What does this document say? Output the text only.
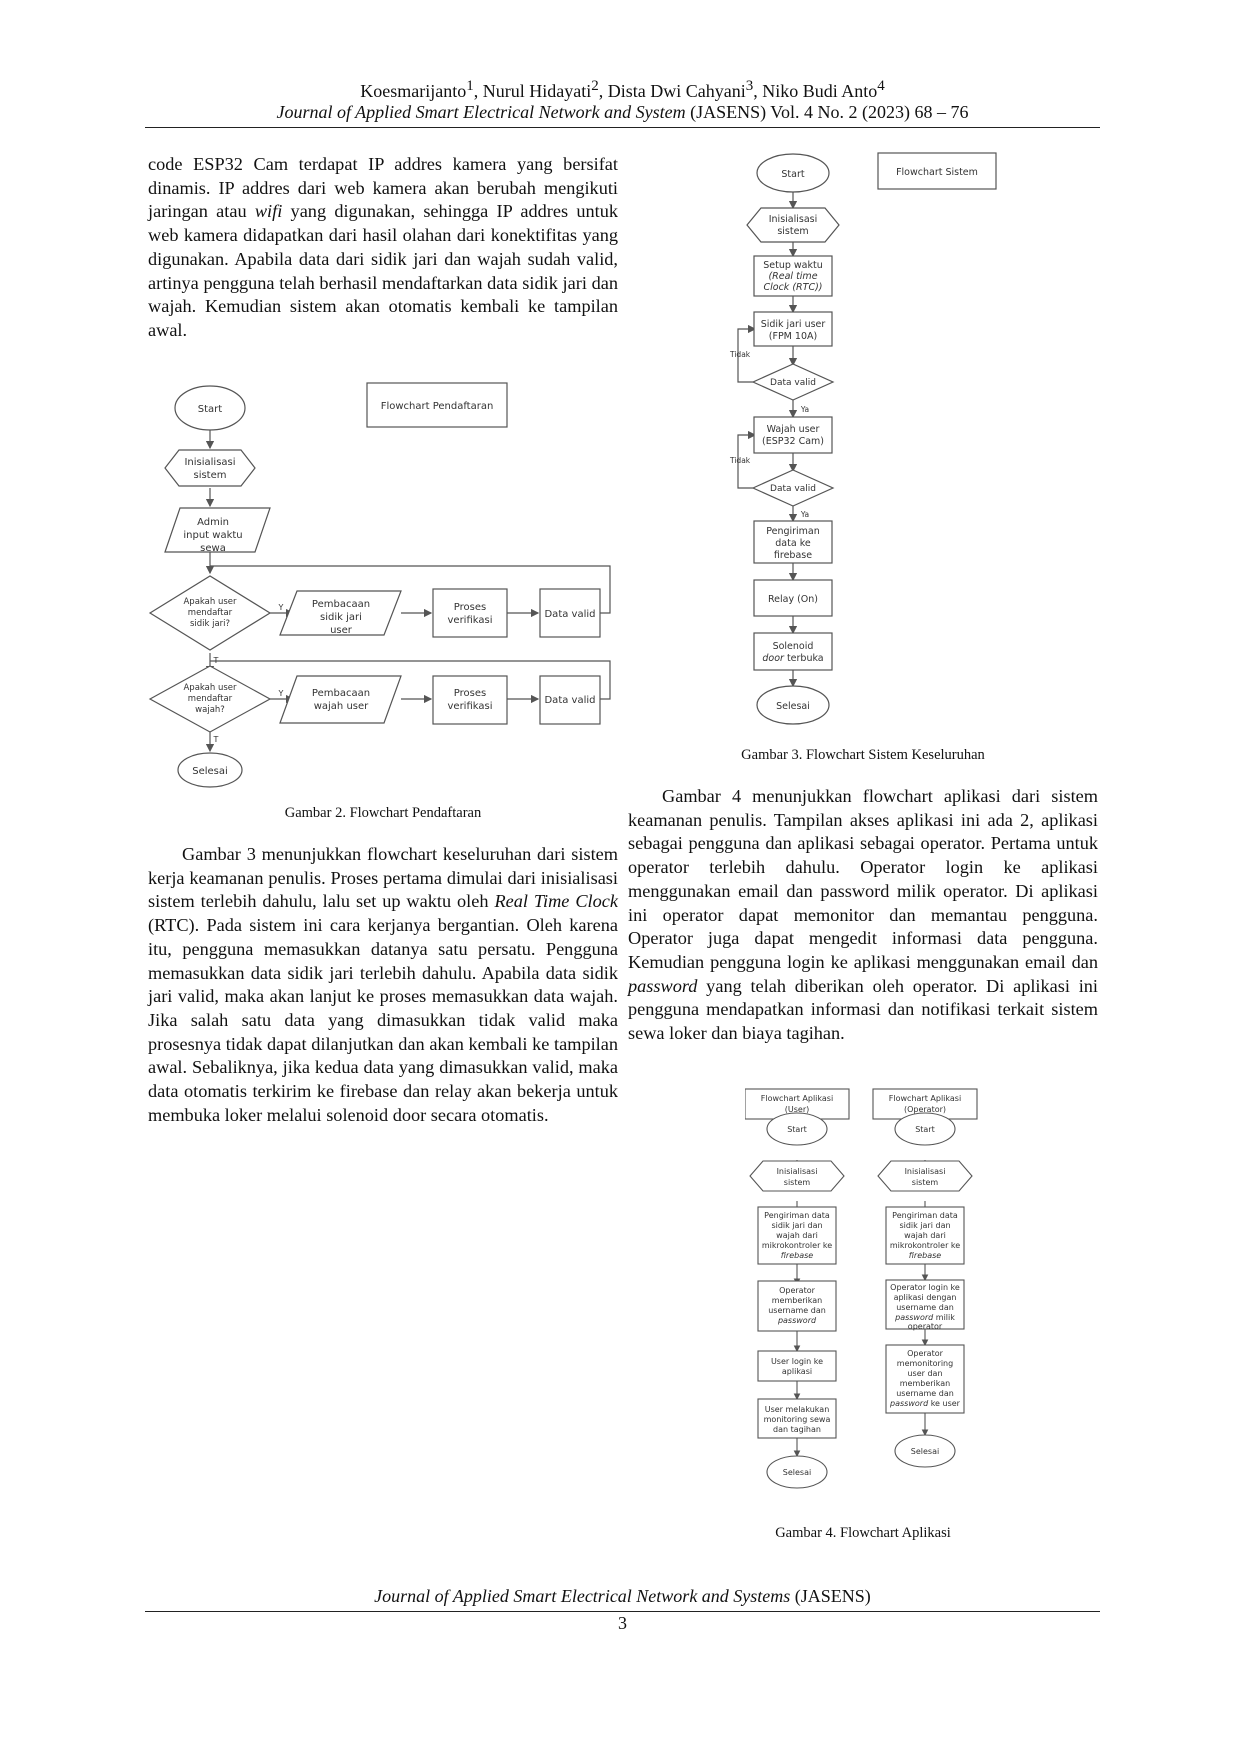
Koesmarijanto$^1$, Nurul Hidayati$^2$, Dista Dwi Cahyani$^3$, Niko Budi Anto$^4$
Journal of Applied Smart Electrical Network and System (JASENS) Vol. 4 No. 2 (2023) 68 – 76

code ESP32 Cam terdapat IP addres kamera yang bersifat dinamis. IP addres dari web kamera akan berubah mengikuti jaringan atau wifi yang digunakan, sehingga IP addres untuk web kamera didapatkan dari hasil olahan dari konektifitas yang digunakan. Apabila data dari sidik jari dan wajah sudah valid, artinya pengguna telah berhasil mendaftarkan data sidik jari dan wajah. Kemudian sistem akan otomatis kembali ke tampilan awal.

Start	Flowchart Pendaftaran
Inisialisasi
sistem
Admin
input waktu
sewa
Apakah user
mendaftar
sidik jari?
Pembacaan
sidik jari
user
Proses
verifikasi
Data valid
Apakah user
mendaftar
wajah?
Pembacaan
wajah user
Proses
verifikasi
Data valid
Y
Y
T
T
Selesai
Gambar 2. Flowchart Pendaftaran

Gambar 3 menunjukkan flowchart keseluruhan dari sistem kerja keamanan penulis. Proses pertama dimulai dari inisialisasi sistem terlebih dahulu, lalu set up waktu oleh Real Time Clock (RTC). Pada sistem ini cara kerjanya bergantian. Oleh karena itu, pengguna memasukkan datanya satu persatu. Pengguna memasukkan data sidik jari terlebih dahulu. Apabila data sidik jari valid, maka akan lanjut ke proses memasukkan data wajah. Jika salah satu data yang dimasukkan tidak valid maka prosesnya tidak dapat dilanjutkan dan akan kembali ke tampilan awal. Sebaliknya, jika kedua data yang dimasukkan valid, maka data otomatis terkirim ke firebase dan relay akan bekerja untuk membuka loker melalui solenoid door secara otomatis.

Start	Flowchart Sistem
Inisialisasi
sistem
Setup waktu
(Real time
Clock (RTC))
Sidik jari user
(FPM 10A)
Data valid
Wajah user
(ESP32 Cam)
Data valid
Pengiriman
data ke
firebase
Relay (On)
Solenoid
door terbuka
Tidak
Tidak
Ya
Ya
Selesai
Gambar 3. Flowchart Sistem Keseluruhan

Gambar 4 menunjukkan flowchart aplikasi dari sistem keamanan penulis. Tampilan akses aplikasi ini ada 2, aplikasi sebagai pengguna dan aplikasi sebagai operator. Pertama untuk operator terlebih dahulu. Operator login ke aplikasi menggunakan email dan password milik operator. Di aplikasi ini operator dapat memonitor dan memantau pengguna. Operator juga dapat mengedit informasi data pengguna. Kemudian pengguna login ke aplikasi menggunakan email dan password yang telah diberikan oleh operator. Di aplikasi ini pengguna mendapatkan informasi dan notifikasi terkait sistem sewa loker dan biaya tagihan.

Flowchart Aplikasi
(User)
Flowchart Aplikasi
(Operator)
Start
Inisialisasi
sistem
Pengiriman data
sidik jari dan
wajah dari
mikrokontroler ke
firebase
Operator
memberikan
username dan
password
User login ke
aplikasi
User melakukan
monitoring sewa
dan tagihan
Selesai
Start
Inisialisasi
sistem
Pengiriman data
sidik jari dan
wajah dari
mikrokontroler ke
firebase
Operator login ke
aplikasi dengan
username dan
password milik
operator
Operator
memonitoring
user dan
memberikan
username dan
password ke user
Selesai
Gambar 4. Flowchart Aplikasi
Journal of Applied Smart Electrical Network and Systems (JASENS)
3
